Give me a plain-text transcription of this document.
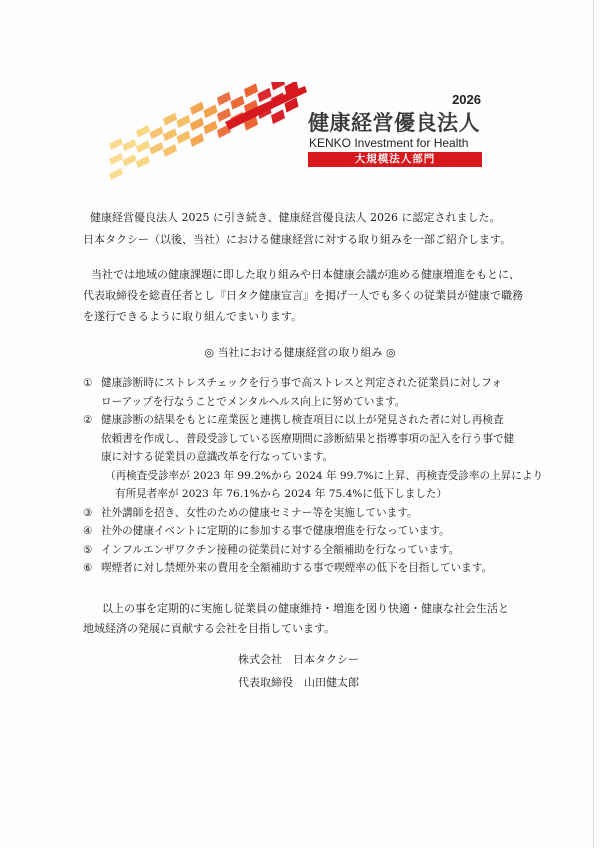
2026
健康経営優良法人
KENKO Investment for Health
大規模法人部門
健康経営優良法人 2025 に引き続き、健康経営優良法人 2026 に認定されました。
日本タクシー（以後、当社）における健康経営に対する取り組みを一部ご紹介します。
当社では地域の健康課題に即した取り組みや日本健康会議が進める健康増進をもとに、
代表取締役を総責任者とし『日タク健康宣言』を掲げ一人でも多くの従業員が健康で職務
を遂行できるように取り組んでまいります。
◎ 当社における健康経営の取り組み ◎
① 健康診断時にストレスチェックを行う事で高ストレスと判定された従業員に対しフォ
ローアップを行なうことでメンタルヘルス向上に努めています。
② 健康診断の結果をもとに産業医と連携し検査項目に以上が発見された者に対し再検査
依頼書を作成し、普段受診している医療期間に診断結果と指導事項の記入を行う事で健
康に対する従業員の意識改革を行なっています。
（再検査受診率が 2023 年 99.2%から 2024 年 99.7%に上昇、再検査受診率の上昇により
有所見者率が 2023 年 76.1%から 2024 年 75.4%に低下しました）
③ 社外講師を招き、女性のための健康セミナー等を実施しています。
④ 社外の健康イベントに定期的に参加する事で健康増進を行なっています。
⑤ インフルエンザワクチン接種の従業員に対する全額補助を行なっています。
⑥ 喫煙者に対し禁煙外来の費用を全額補助する事で喫煙率の低下を目指しています。
以上の事を定期的に実施し従業員の健康維持・増進を図り快適・健康な社会生活と
地域経済の発展に貢献する会社を目指しています。
株式会社　日本タクシー
代表取締役　山田健太郎
